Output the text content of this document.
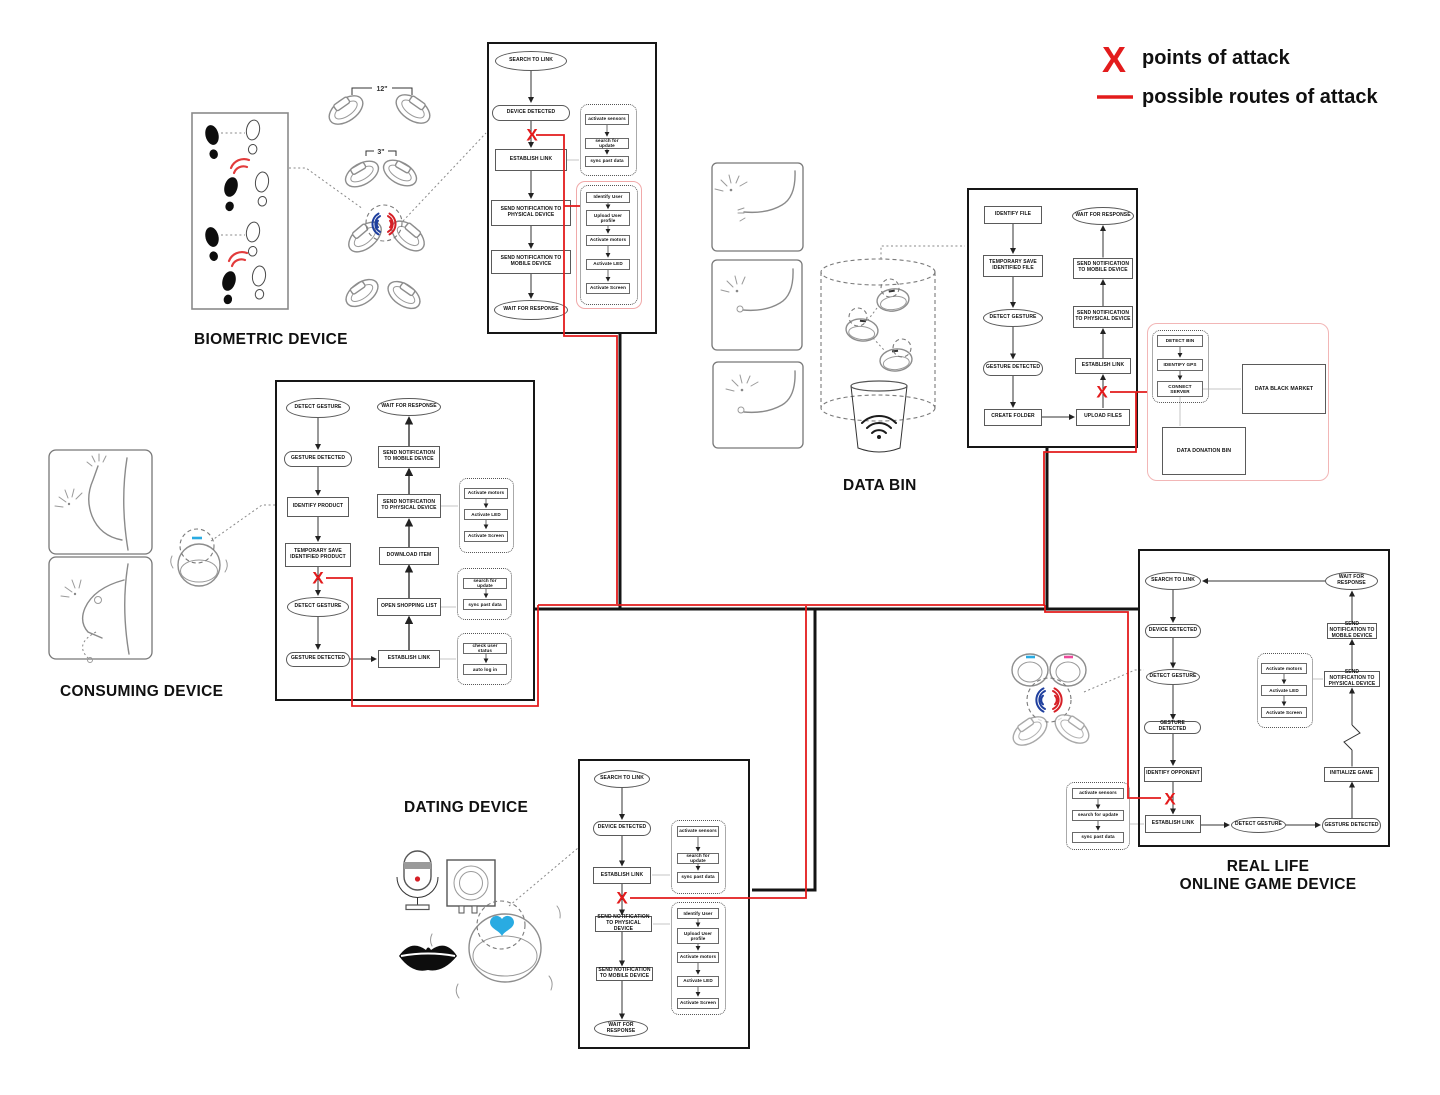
12"
3"
SEARCH TO LINK
DEVICE DETECTED
ESTABLISH LINK
SEND NOTIFICATION TO PHYSICAL DEVICE
SEND NOTIFICATION TO MOBILE DEVICE
WAIT FOR RESPONSE
activate sensors
search for update
sync past data
Identify User
Upload User profile
Activate motors
Activate LED
Activate Screen
DETECT GESTURE
GESTURE DETECTED
IDENTIFY PRODUCT
TEMPORARY SAVE IDENTIFIED PRODUCT
DETECT GESTURE
GESTURE DETECTED	ESTABLISH LINK
OPEN SHOPPING LIST
DOWNLOAD ITEM
SEND NOTIFICATION TO PHYSICAL DEVICE
SEND NOTIFICATION TO MOBILE DEVICE
WAIT FOR RESPONSE
Activate motors
Activate LED
Activate Screen
search for update
sync past data
check user status
auto log in
IDENTIFY FILE
TEMPORARY SAVE IDENTIFIED FILE
DETECT GESTURE
GESTURE DETECTED
CREATE FOLDER	UPLOAD FILES
ESTABLISH LINK
SEND NOTIFICATION TO PHYSICAL DEVICE
SEND NOTIFICATION TO MOBILE DEVICE
WAIT FOR RESPONSE
DETECT BIN
IDENTIFY GPS
CONNECT SERVER	DATA BLACK MARKET
DATA DONATION BIN
SEARCH TO LINK
DEVICE DETECTED
ESTABLISH LINK
SEND NOTIFICATION TO PHYSICAL DEVICE
SEND NOTIFICATION TO MOBILE DEVICE
WAIT FOR RESPONSE
activate sensors
search for update
sync past data
Identify User
Upload User profile
Activate motors
Activate LED
Activate Screen
SEARCH TO LINK
DEVICE DETECTED
DETECT GESTURE
GESTURE DETECTED
IDENTIFY OPPONENT
ESTABLISH LINK	DETECT GESTURE	GESTURE DETECTED
INITIALIZE GAME
SEND NOTIFICATION TO PHYSICAL DEVICE
SEND NOTIFICATION TO MOBILE DEVICE
WAIT FOR RESPONSE
Activate motors
Activate LED
Activate Screen
activate sensors
search for update
sync past data
X
X
X
X
X
BIOMETRIC DEVICE
CONSUMING DEVICE
DATA BIN
DATING DEVICE
REAL LIFE
ONLINE GAME DEVICE
X points of attack
possible routes of attack
